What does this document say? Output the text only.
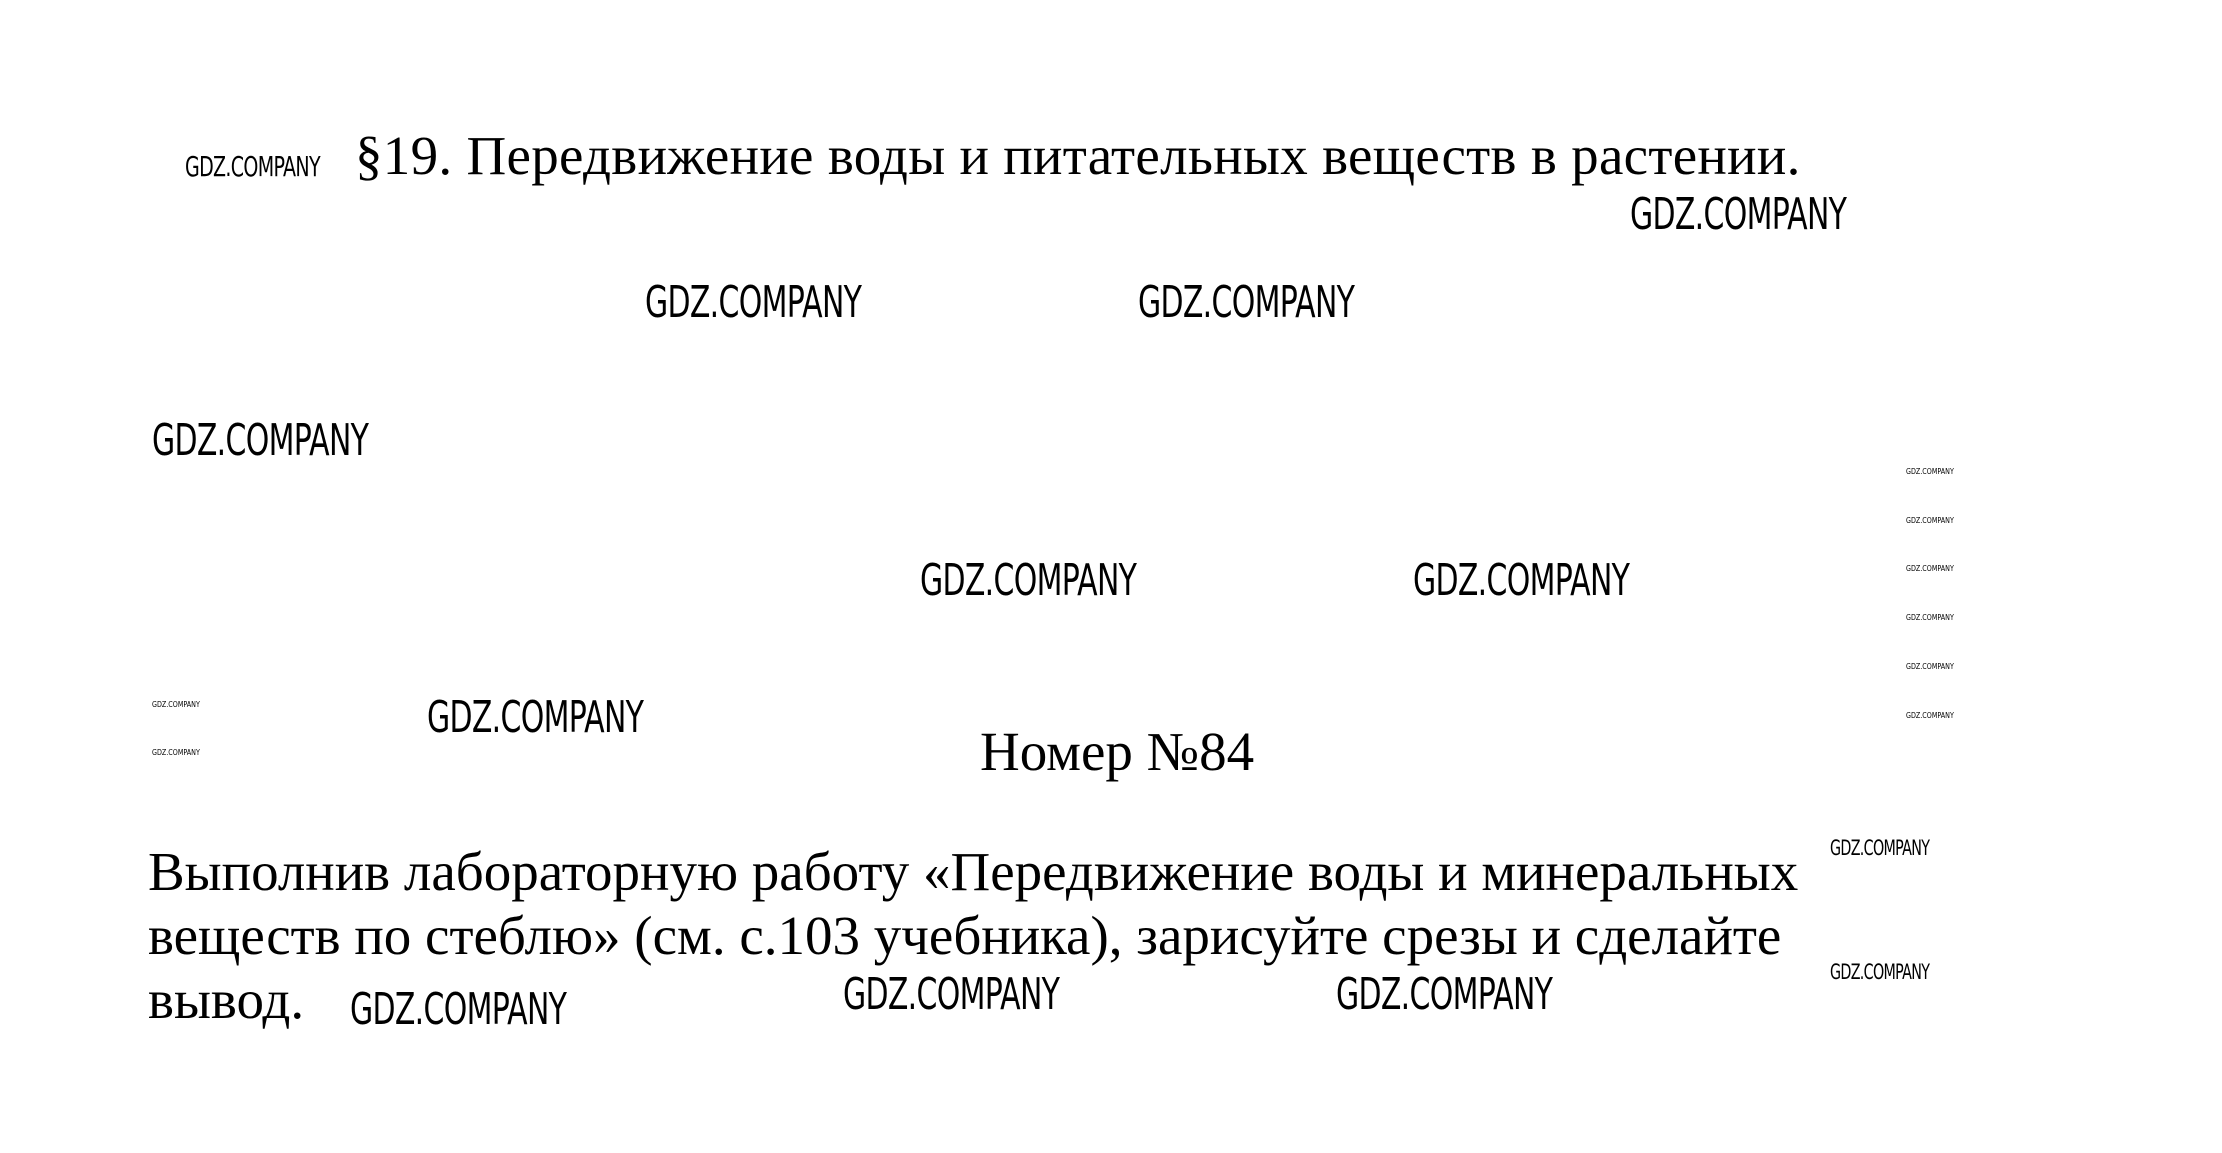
§19. Передвижение воды и питательных веществ в растении.
Номер №84
Выполнив лабораторную работу «Передвижение воды и минеральных
веществ по стеблю» (см. с.103 учебника), зарисуйте срезы и сделайте
вывод.
GDZ.COMPANY
GDZ.COMPANY
GDZ.COMPANY	GDZ.COMPANY
GDZ.COMPANY
GDZ.COMPANY	GDZ.COMPANY
GDZ.COMPANY
GDZ.COMPANY	GDZ.COMPANY
GDZ.COMPANY
GDZ.COMPANY
GDZ.COMPANY
GDZ.COMPANY
GDZ.COMPANY
GDZ.COMPANY
GDZ.COMPANY
GDZ.COMPANY
GDZ.COMPANY
GDZ.COMPANY
GDZ.COMPANY
